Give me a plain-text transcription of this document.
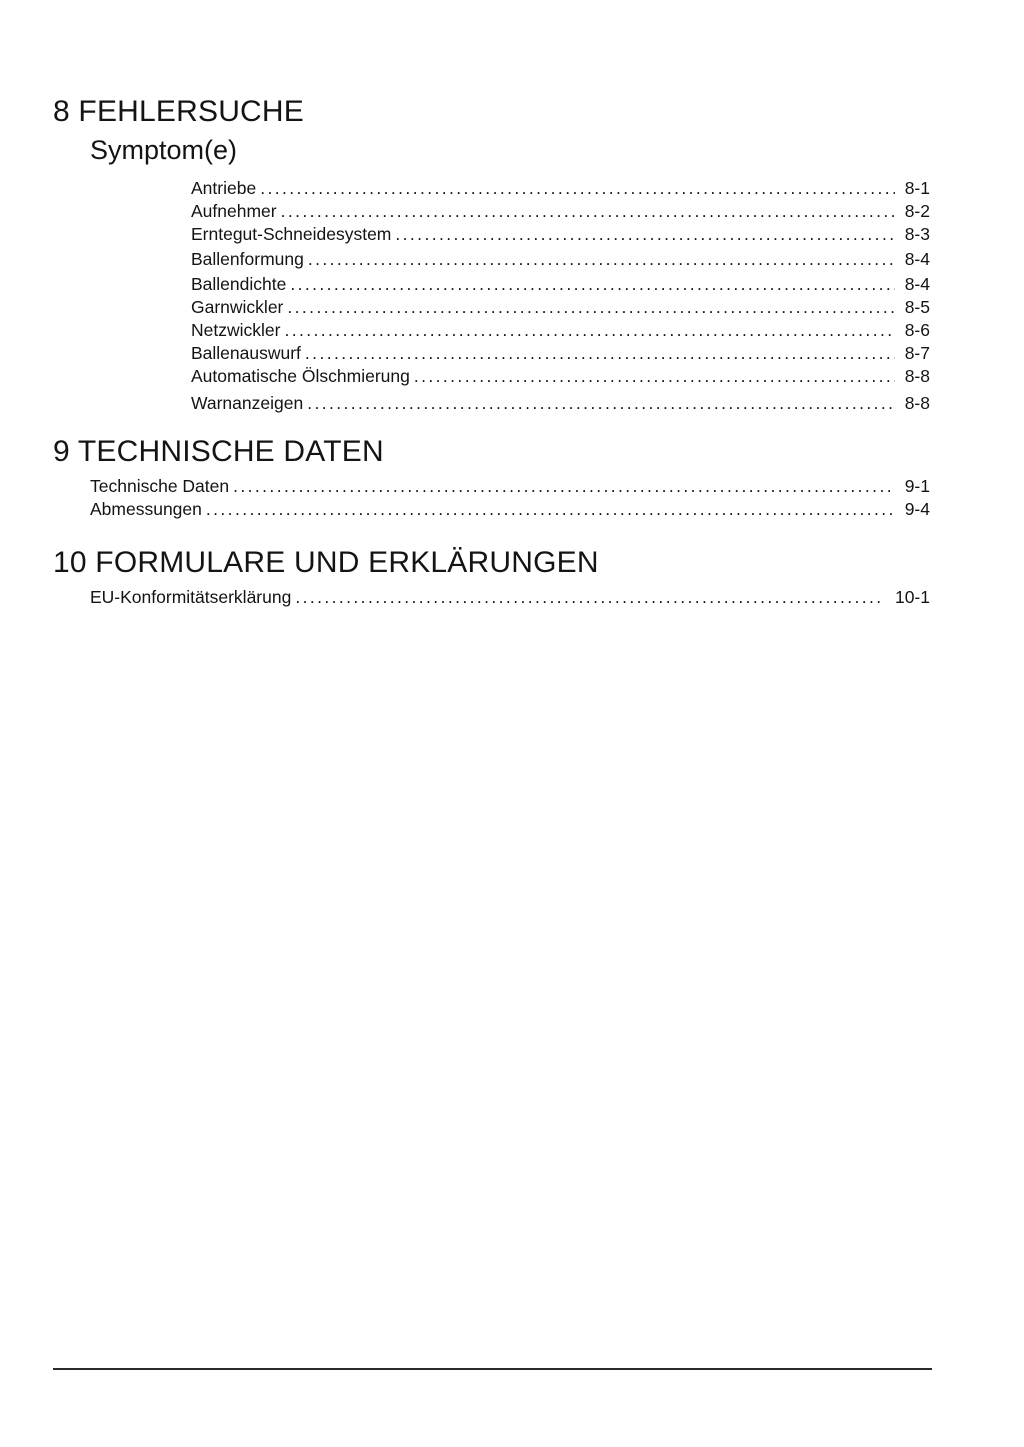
8 FEHLERSUCHE
Symptom(e)
Antriebe .....	8-1
Aufnehmer .....	8-2
Erntegut-Schneidesystem .....	8-3
Ballenformung .....	8-4
Ballendichte .....	8-4
Garnwickler .....	8-5
Netzwickler .....	8-6
Ballenauswurf .....	8-7
Automatische Ölschmierung .....	8-8
Warnanzeigen .....	8-8
9 TECHNISCHE DATEN
Technische Daten .....	9-1
Abmessungen .....	9-4
10 FORMULARE UND ERKLÄRUNGEN
EU-Konformitätserklärung .....	10-1
